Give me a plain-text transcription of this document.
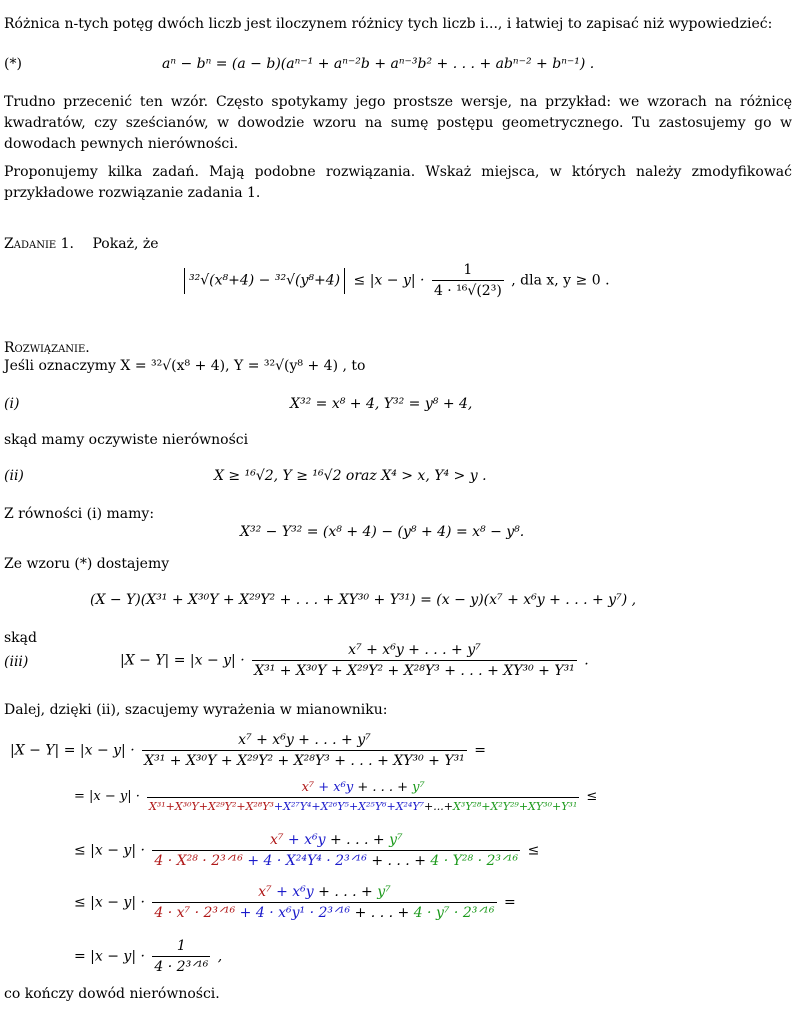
Różnica n-tych potęg dwóch liczb jest iloczynem różnicy tych liczb i..., i łatwiej to zapisać niż wypowiedzieć:
(*)	aⁿ − bⁿ = (a − b)(aⁿ⁻¹ + aⁿ⁻²b + aⁿ⁻³b² + . . . + abⁿ⁻² + bⁿ⁻¹) .
Trudno przecenić ten wzór. Często spotykamy jego prostsze wersje, na przykład: we wzorach na różnicę kwadratów, czy sześcianów, w dowodzie wzoru na sumę postępu geometrycznego. Tu zastosujemy go w dowodach pewnych nierówności.
Proponujemy kilka zadań. Mają podobne rozwiązania. Wskaż miejsca, w których należy zmodyfikować przykładowe rozwiązanie zadania 1.
Zadanie 1. Pokaż, że
$^{32}√(x^8+4) - ^{32}√(y^8+4) \le |x - y| \cdot \frac{1}{\text{4 · ¹⁶√(2³)}}$ , dla x, y ≥ 0 .
Rozwiązanie.
Jeśli oznaczymy X = ³²√(x⁸ + 4), Y = ³²√(y⁸ + 4) , to
(i)	X³² = x⁸ + 4, Y³² = y⁸ + 4,
skąd mamy oczywiste nierówności
(ii)	X ≥ ¹⁶√2, Y ≥ ¹⁶√2 oraz X⁴ > x, Y⁴ > y .
Z równości (i) mamy:
X³² − Y³² = (x⁸ + 4) − (y⁸ + 4) = x⁸ − y⁸.
Ze wzoru (*) dostajemy
(X − Y)(X³¹ + X³⁰Y + X²⁹Y² + . . . + XY³⁰ + Y³¹) = (x − y)(x⁷ + x⁶y + . . . + y⁷) ,
skąd
(iii)	$|X - Y| = |x - y| \cdot \frac{\text{x⁷ + x⁶y + . . . + y⁷}}{\text{X³¹ + X³⁰Y + X²⁹Y² + X²⁸Y³ + . . . + XY³⁰ + Y³¹}}$ .
Dalej, dzięki (ii), szacujemy wyrażenia w mianowniku:
$|X - Y| = |x - y| \cdot \frac{\text{x⁷ + x⁶y + . . . + y⁷}}{\text{X³¹ + X³⁰Y + X²⁹Y² + X²⁸Y³ + . . . + XY³⁰ + Y³¹}}$ =
= |x − y| ·
x⁷ + x⁶y + . . . + y⁷
X³¹+X³⁰Y+X²⁹Y²+X²⁸Y³+X²⁷Y⁴+X²⁶Y⁵+X²⁵Y⁶+X²⁴Y⁷+...+X³Y²⁸+X²Y²⁹+XY³⁰+Y³¹
≤
≤ |x − y| ·
x⁷ + x⁶y + . . . + y⁷
4 · X²⁸ · 2³ᐟ¹⁶ + 4 · X²⁴Y⁴ · 2³ᐟ¹⁶ + . . . + 4 · Y²⁸ · 2³ᐟ¹⁶
≤
≤ |x − y| ·
x⁷ + x⁶y + . . . + y⁷
4 · x⁷ · 2³ᐟ¹⁶ + 4 · x⁶y¹ · 2³ᐟ¹⁶ + . . . + 4 · y⁷ · 2³ᐟ¹⁶
=
= $|x - y| \cdot \frac{1}{\text{4 · 2³ᐟ¹⁶}}$ ,
co kończy dowód nierówności.
